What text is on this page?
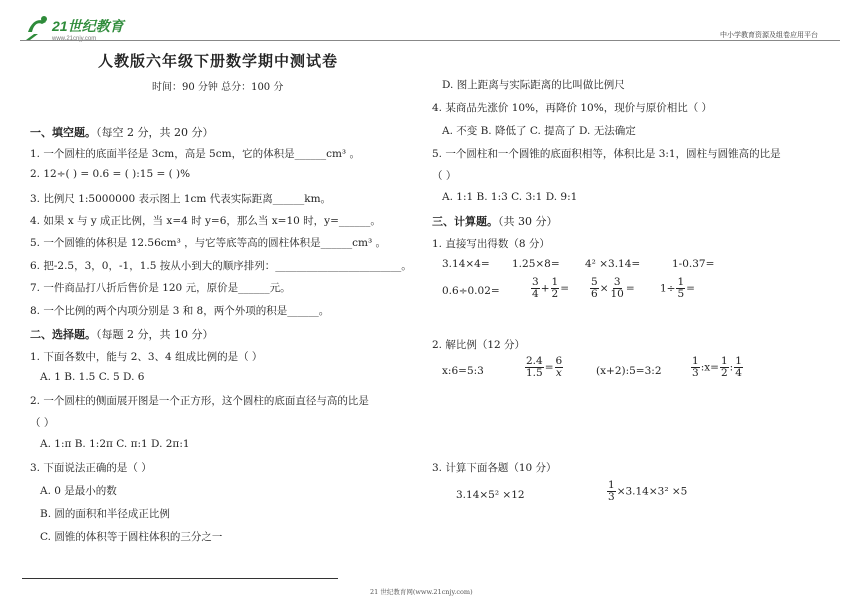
21世纪教育
www.21cnjy.com	中小学教育资源及组卷应用平台
人教版六年级下册数学期中测试卷
时间：90 分钟 总分：100 分
一、填空题。（每空 2 分，共 20 分）
1. 一个圆柱的底面半径是 3cm，高是 5cm，它的体积是______cm³ 。
2. 12÷( ) = 0.6 = ( ):15 = ( )%
3. 比例尺 1:5000000 表示图上 1cm 代表实际距离______km。
4. 如果 x 与 y 成正比例，当 x=4 时 y=6，那么当 x=10 时，y=______。
5. 一个圆锥的体积是 12.56cm³ ，与它等底等高的圆柱体积是______cm³ 。
6. 把-2.5，3，0，-1，1.5 按从小到大的顺序排列：________________________。
7. 一件商品打八折后售价是 120 元，原价是______元。
8. 一个比例的两个内项分别是 3 和 8，两个外项的积是______。
二、选择题。（每题 2 分，共 10 分）
1. 下面各数中，能与 2、3、4 组成比例的是（ ）
A. 1 B. 1.5 C. 5 D. 6
2. 一个圆柱的侧面展开图是一个正方形，这个圆柱的底面直径与高的比是
（ ）
A. 1:π B. 1:2π C. π:1 D. 2π:1
3. 下面说法正确的是（ ）
A. 0 是最小的数
B. 圆的面积和半径成正比例
C. 圆锥的体积等于圆柱体积的三分之一
D. 图上距离与实际距离的比叫做比例尺
4. 某商品先涨价 10%，再降价 10%，现价与原价相比（ ）
A. 不变 B. 降低了 C. 提高了 D. 无法确定
5. 一个圆柱和一个圆锥的底面积相等，体积比是 3:1，圆柱与圆锥高的比是
（ ）
A. 1:1 B. 1:3 C. 3:1 D. 9:1
三、计算题。（共 30 分）
1. 直接写出得数（8 分）
3.14×4= 1.25×8= 4² ×3.14=	1-0.37=
0.6÷0.02=	$\frac{3}{4} + \frac{1}{2} = \frac{5}{6} \times \frac{3}{10} = 1\div \frac{1}{5}$ =
2. 解比例（12 分）
x:6=5:3	$\frac{2.4}{1.5} = \frac{6}{x}$	(x+2):5=3:2	$\frac{1}{3}$ :x= $\frac{1}{2}$ : $\frac{1}{4}$
3. 计算下面各题（10 分）
3.14×5² ×12	$\frac{1}{3} \times 3.14\times 3^2 \times 5$
21 世纪教育网(www.21cnjy.com)
